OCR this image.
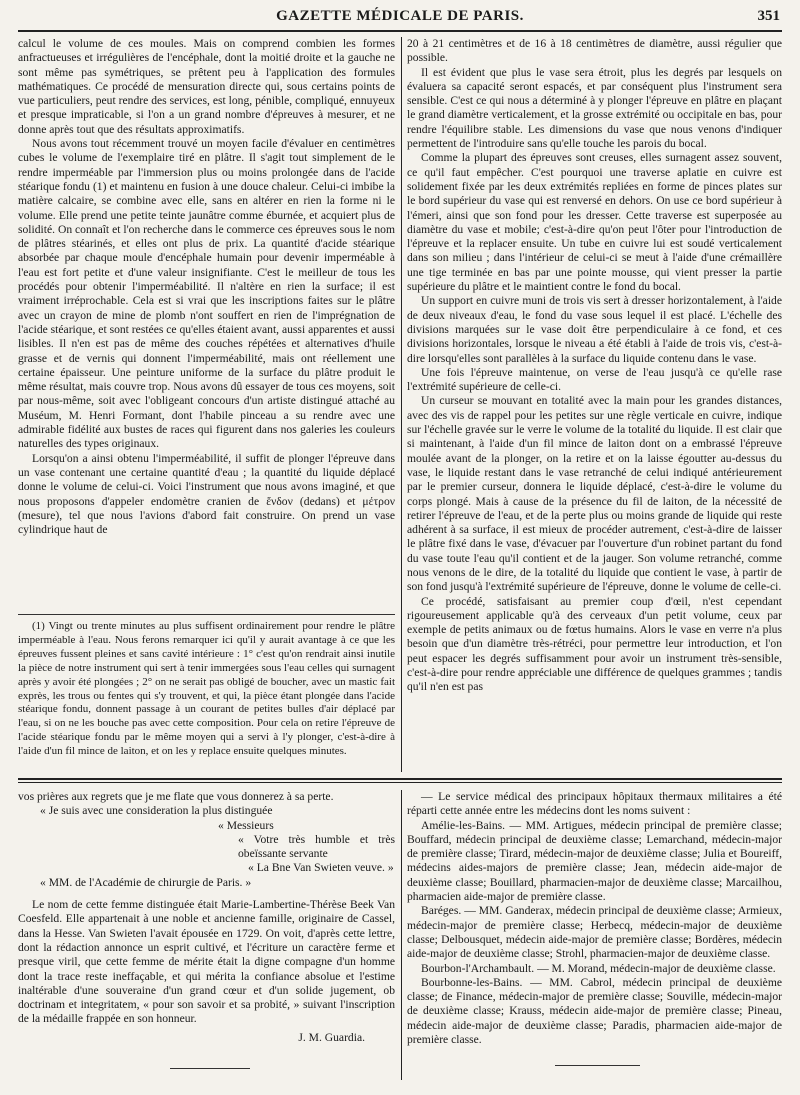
GAZETTE MÉDICALE DE PARIS.	351

calcul le volume de ces moules. Mais on comprend combien les formes anfractueuses et irrégulières de l'encéphale, dont la moitié droite et la gauche ne sont même pas symétriques, se prêtent peu à l'application des formules mathématiques. Ce procédé de mensuration directe qui, sous certains points de vue particuliers, peut rendre des services, est long, pénible, compliqué, ennuyeux et presque impraticable, si l'on a un grand nombre d'épreuves à mesurer, et ne donne après tout que des résultats approximatifs.

Nous avons tout récemment trouvé un moyen facile d'évaluer en centimètres cubes le volume de l'exemplaire tiré en plâtre. Il s'agit tout simplement de le rendre imperméable par l'immersion plus ou moins prolongée dans de l'acide stéarique fondu (1) et maintenu en fusion à une douce chaleur. Celui-ci imbibe la matière calcaire, se combine avec elle, sans en altérer en rien la forme ni le volume. Elle prend une petite teinte jaunâtre comme éburnée, et acquiert plus de solidité. On connaît et l'on recherche dans le commerce ces épreuves sous le nom de plâtres stéarinés, et elles ont plus de prix. La quantité d'acide stéarique absorbée par chaque moule d'encéphale humain pour devenir imperméable à l'eau est fort petite et d'une valeur insignifiante. C'est le meilleur de tous les procédés pour obtenir l'imperméabilité. Il n'altère en rien la surface; il est vraiment irréprochable. Cela est si vrai que les inscriptions faites sur le plâtre avec un crayon de mine de plomb n'ont souffert en rien de l'imprégnation de l'acide stéarique, et sont restées ce qu'elles étaient avant, aussi apparentes et aussi lisibles. Il n'en est pas de même des couches répétées et alternatives d'huile grasse et de vernis qui donnent l'imperméabilité, mais ont réellement une certaine épaisseur. Une peinture uniforme de la surface du plâtre produit le même résultat, mais couvre trop. Nous avons dû essayer de tous ces moyens, soit par nous-même, soit avec l'obligeant concours d'un artiste distingué attaché au Muséum, M. Henri Formant, dont l'habile pinceau a su rendre avec une admirable fidélité aux bustes de races qui figurent dans nos galeries les couleurs naturelles des types originaux.

Lorsqu'on a ainsi obtenu l'imperméabilité, il suffit de plonger l'épreuve dans un vase contenant une certaine quantité d'eau ; la quantité du liquide déplacé donne le volume de celui-ci. Voici l'instrument que nous avons imaginé, et que nous proposons d'appeler endomètre cranien de ἔνδον (dedans) et μέτρον (mesure), tel que nous l'avions d'abord fait construire. On prend un vase cylindrique haut de

(1) Vingt ou trente minutes au plus suffisent ordinairement pour rendre le plâtre imperméable à l'eau. Nous ferons remarquer ici qu'il y aurait avantage à ce que les épreuves fussent pleines et sans cavité intérieure : 1° c'est qu'on rendrait ainsi inutile la pièce de notre instrument qui sert à tenir immergées sous l'eau celles qui surnagent après y avoir été plongées ; 2° on ne serait pas obligé de boucher, avec un mastic fait exprès, les trous ou fentes qui s'y trouvent, et qui, la pièce étant plongée dans l'acide stéarique fondu, donnent passage à un courant de petites bulles d'air déplacé par l'eau, si on ne les bouche pas avec cette composition. Pour cela on retire l'épreuve de l'acide stéarique fondu par le même moyen qui a servi à l'y plonger, c'est-à-dire à l'aide d'un fil mince de laiton, et on les y replace ensuite quelques minutes.

20 à 21 centimètres et de 16 à 18 centimètres de diamètre, aussi régulier que possible.

Il est évident que plus le vase sera étroit, plus les degrés par lesquels on évaluera sa capacité seront espacés, et par conséquent plus l'instrument sera sensible. C'est ce qui nous a déterminé à y plonger l'épreuve en plâtre en plaçant le grand diamètre verticalement, et la grosse extrémité ou occipitale en bas, pour rendre l'équilibre stable. Les dimensions du vase que nous venons d'indiquer permettent de l'introduire sans qu'elle touche les parois du bocal.

Comme la plupart des épreuves sont creuses, elles surnagent assez souvent, ce qu'il faut empêcher. C'est pourquoi une traverse aplatie en cuivre est solidement fixée par les deux extrémités repliées en forme de pinces plates sur le bord supérieur du vase qui est renversé en dehors. On use ce bord supérieur à l'émeri, ainsi que son fond pour les dresser. Cette traverse est superposée au diamètre du vase et mobile; c'est-à-dire qu'on peut l'ôter pour l'introduction de l'épreuve et la replacer ensuite. Un tube en cuivre lui est soudé verticalement dans son milieu ; dans l'intérieur de celui-ci se meut à l'aide d'une crémaillère une tige terminée en bas par une pointe mousse, qui vient presser la partie supérieure du plâtre et le maintient contre le fond du bocal.

Un support en cuivre muni de trois vis sert à dresser horizontalement, à l'aide de deux niveaux d'eau, le fond du vase sous lequel il est placé. L'échelle des divisions marquées sur le vase doit être perpendiculaire à ce fond, et ces divisions horizontales, lorsque le niveau a été établi à l'aide de trois vis, c'est-à-dire lorsqu'elles sont parallèles à la surface du liquide contenu dans le vase.

Une fois l'épreuve maintenue, on verse de l'eau jusqu'à ce qu'elle rase l'extrémité supérieure de celle-ci.

Un curseur se mouvant en totalité avec la main pour les grandes distances, avec des vis de rappel pour les petites sur une règle verticale en cuivre, indique sur l'échelle gravée sur le verre le volume de la totalité du liquide. Il est clair que si maintenant, à l'aide d'un fil mince de laiton dont on a embrassé l'épreuve moulée avant de la plonger, on la retire et on la laisse égoutter au-dessus du vase, le liquide restant dans le vase retranché de celui indiqué antérieurement par le premier curseur, donnera le liquide déplacé, c'est-à-dire le volume du corps plongé. Mais à cause de la présence du fil de laiton, de la nécessité de retirer l'épreuve de l'eau, et de la perte plus ou moins grande de liquide qui reste adhérent à sa surface, il est mieux de procéder autrement, c'est-à-dire de laisser le plâtre fixé dans le vase, d'évacuer par l'ouverture d'un robinet partant du fond du vase toute l'eau qu'il contient et de la jauger. Son volume retranché, comme nous venons de le dire, de la totalité du liquide que contient le vase, à partir de son fond jusqu'à l'extrémité supérieure de l'épreuve, donne le volume de celle-ci.

Ce procédé, satisfaisant au premier coup d'œil, n'est cependant rigoureusement applicable qu'à des cerveaux d'un petit volume, ceux par exemple de petits animaux ou de fœtus humains. Alors le vase en verre n'a plus besoin que d'un diamètre très-rétréci, pour permettre leur introduction, et l'on peut espacer les degrés suffisamment pour avoir un instrument très-sensible, c'est-à-dire pour rendre appréciable une différence de quelques grammes ; tandis qu'il n'en est pas

vos prières aux regrets que je me flate que vous donnerez à sa perte.

« Je suis avec une consideration la plus distinguée

« Messieurs

« Votre très humble et très obeïssante servante

« La Bne Van Swieten veuve. »

« MM. de l'Académie de chirurgie de Paris. »

Le nom de cette femme distinguée était Marie-Lambertine-Thérèse Beek Van Coesfeld. Elle appartenait à une noble et ancienne famille, originaire de Cassel, dans la Hesse. Van Swieten l'avait épousée en 1729. On voit, d'après cette lettre, dont la rédaction annonce un esprit cultivé, et l'écriture un caractère ferme et presque viril, que cette femme de mérite était la digne compagne d'un homme dont la trace reste ineffaçable, et qui mérita la confiance absolue et l'estime inaltérable d'une souveraine d'un grand cœur et d'un solide jugement, ob doctrinam et integritatem, « pour son savoir et sa probité, » suivant l'inscription de la médaille frappée en son honneur.

J. M. Guardia.

— Le service médical des principaux hôpitaux thermaux militaires a été réparti cette année entre les médecins dont les noms suivent :

Amélie-les-Bains. — MM. Artigues, médecin principal de première classe; Bouffard, médecin principal de deuxième classe; Lemarchand, médecin-major de première classe; Tirard, médecin-major de deuxième classe; Julia et Boureiff, médecins aides-majors de première classe; Jean, médecin aide-major de deuxième classe; Bouillard, pharmacien-major de deuxième classe; Marcailhou, pharmacien aide-major de première classe.

Baréges. — MM. Ganderax, médecin principal de deuxième classe; Armieux, médecin-major de première classe; Herbecq, médecin-major de deuxième classe; Delbousquet, médecin aide-major de première classe; Bordères, médecin aide-major de deuxième classe; Strohl, pharmacien-major de deuxième classe.

Bourbon-l'Archambault. — M. Morand, médecin-major de deuxième classe.

Bourbonne-les-Bains. — MM. Cabrol, médecin principal de deuxième classe; de Finance, médecin-major de première classe; Souville, médecin-major de deuxième classe; Krauss, médecin aide-major de première classe; Pineau, médecin aide-major de deuxième classe; Paradis, pharmacien aide-major de première classe.
